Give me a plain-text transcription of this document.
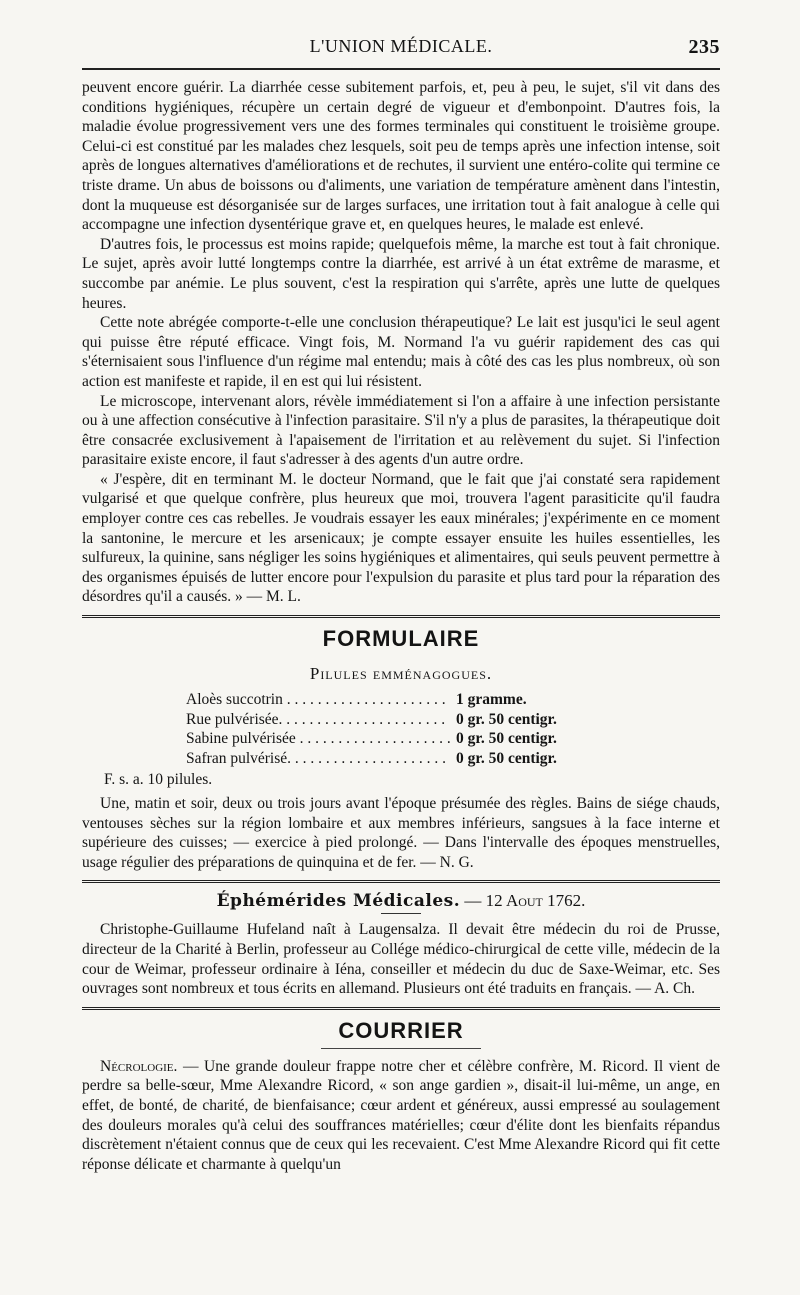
L'UNION MÉDICALE.	235

peuvent encore guérir. La diarrhée cesse subitement parfois, et, peu à peu, le sujet, s'il vit dans des conditions hygiéniques, récupère un certain degré de vigueur et d'embonpoint. D'autres fois, la maladie évolue progressivement vers une des formes terminales qui constituent le troisième groupe. Celui-ci est constitué par les malades chez lesquels, soit peu de temps après une infection intense, soit après de longues alternatives d'améliorations et de rechutes, il survient une entéro-colite qui termine ce triste drame. Un abus de boissons ou d'aliments, une variation de température amènent dans l'intestin, dont la muqueuse est désorganisée sur de larges surfaces, une irritation tout à fait analogue à celle qui accompagne une infection dysentérique grave et, en quelques heures, le malade est enlevé.

D'autres fois, le processus est moins rapide; quelquefois même, la marche est tout à fait chronique. Le sujet, après avoir lutté longtemps contre la diarrhée, est arrivé à un état extrême de marasme, et succombe par anémie. Le plus souvent, c'est la respiration qui s'arrête, après une lutte de quelques heures.

Cette note abrégée comporte-t-elle une conclusion thérapeutique? Le lait est jusqu'ici le seul agent qui puisse être réputé efficace. Vingt fois, M. Normand l'a vu guérir rapidement des cas qui s'éternisaient sous l'influence d'un régime mal entendu; mais à côté des cas les plus nombreux, où son action est manifeste et rapide, il en est qui lui résistent.

Le microscope, intervenant alors, révèle immédiatement si l'on a affaire à une infection persistante ou à une affection consécutive à l'infection parasitaire. S'il n'y a plus de parasites, la thérapeutique doit être consacrée exclusivement à l'apaisement de l'irritation et au relèvement du sujet. Si l'infection parasitaire existe encore, il faut s'adresser à des agents d'un autre ordre.

« J'espère, dit en terminant M. le docteur Normand, que le fait que j'ai constaté sera rapidement vulgarisé et que quelque confrère, plus heureux que moi, trouvera l'agent parasiticite qu'il faudra employer contre ces cas rebelles. Je voudrais essayer les eaux minérales; j'expérimente en ce moment la santonine, le mercure et les arsenicaux; je compte essayer ensuite les huiles essentielles, les sulfureux, la quinine, sans négliger les soins hygiéniques et alimentaires, qui seuls peuvent permettre à des organismes épuisés de lutter encore pour l'expulsion du parasite et plus tard pour la réparation des désordres qu'il a causés. » — M. L.

FORMULAIRE
Pilules emménagogues.
Aloès succotrin . . .	1 gramme.
Rue pulvérisée. . . .	0 gr. 50 centigr.
Sabine pulvérisée . . .	0 gr. 50 centigr.
Safran pulvérisé. . . .	0 gr. 50 centigr.
F. s. a. 10 pilules.

Une, matin et soir, deux ou trois jours avant l'époque présumée des règles. Bains de siége chauds, ventouses sèches sur la région lombaire et aux membres inférieurs, sangsues à la face interne et supérieure des cuisses; — exercice à pied prolongé. — Dans l'intervalle des époques menstruelles, usage régulier des préparations de quinquina et de fer. — N. G.

Éphémérides Médicales. — 12 Aout 1762.

Christophe-Guillaume Hufeland naît à Laugensalza. Il devait être médecin du roi de Prusse, directeur de la Charité à Berlin, professeur au Collége médico-chirurgical de cette ville, médecin de la cour de Weimar, professeur ordinaire à Iéna, conseiller et médecin du duc de Saxe-Weimar, etc. Ses ouvrages sont nombreux et tous écrits en allemand. Plusieurs ont été traduits en français. — A. Ch.

COURRIER

Nécrologie. — Une grande douleur frappe notre cher et célèbre confrère, M. Ricord. Il vient de perdre sa belle-sœur, Mme Alexandre Ricord, « son ange gardien », disait-il lui-même, un ange, en effet, de bonté, de charité, de bienfaisance; cœur ardent et généreux, aussi empressé au soulagement des douleurs morales qu'à celui des souffrances matérielles; cœur d'élite dont les bienfaits répandus discrètement n'étaient connus que de ceux qui les recevaient. C'est Mme Alexandre Ricord qui fit cette réponse délicate et charmante à quelqu'un
